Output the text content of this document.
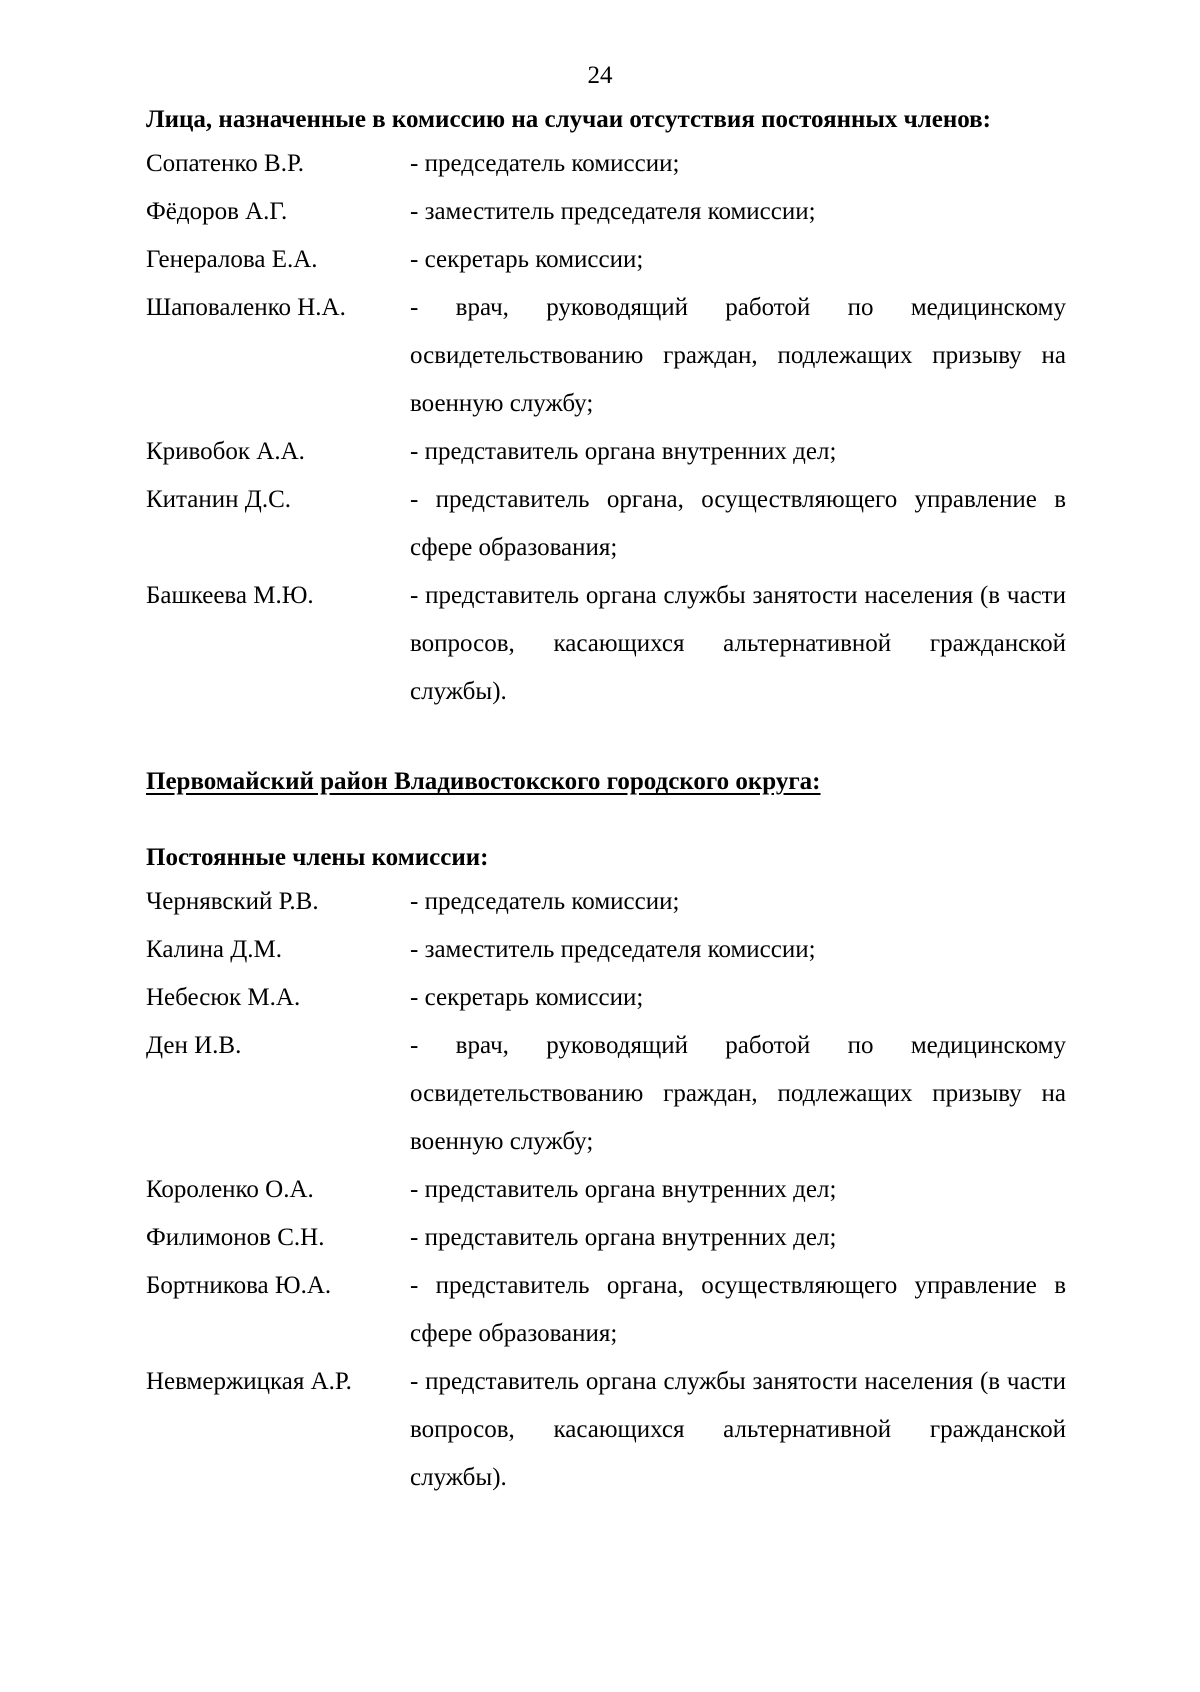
24

Лица, назначенные в комиссию на случаи отсутствия постоянных членов:

Сопатенко В.Р.	- председатель комиссии;
Фёдоров А.Г.	- заместитель председателя комиссии;
Генералова Е.А.	- секретарь комиссии;
Шаповаленко Н.А.	- врач, руководящий работой по медицинскому освидетельствованию граждан, подлежащих призыву на военную службу;
Кривобок А.А.	- представитель органа внутренних дел;
Китанин Д.С.	- представитель органа, осуществляющего управление в сфере образования;
Башкеева М.Ю.	- представитель органа службы занятости населения (в части вопросов, касающихся альтернативной гражданской службы).

Первомайский район Владивостокского городского округа:

Постоянные члены комиссии:

Чернявский Р.В.	- председатель комиссии;
Калина Д.М.	- заместитель председателя комиссии;
Небесюк М.А.	- секретарь комиссии;
Ден И.В.	- врач, руководящий работой по медицинскому освидетельствованию граждан, подлежащих призыву на военную службу;
Короленко О.А.	- представитель органа внутренних дел;
Филимонов С.Н.	- представитель органа внутренних дел;
Бортникова Ю.А.	- представитель органа, осуществляющего управление в сфере образования;
Невмержицкая А.Р.	- представитель органа службы занятости населения (в части вопросов, касающихся альтернативной гражданской службы).
